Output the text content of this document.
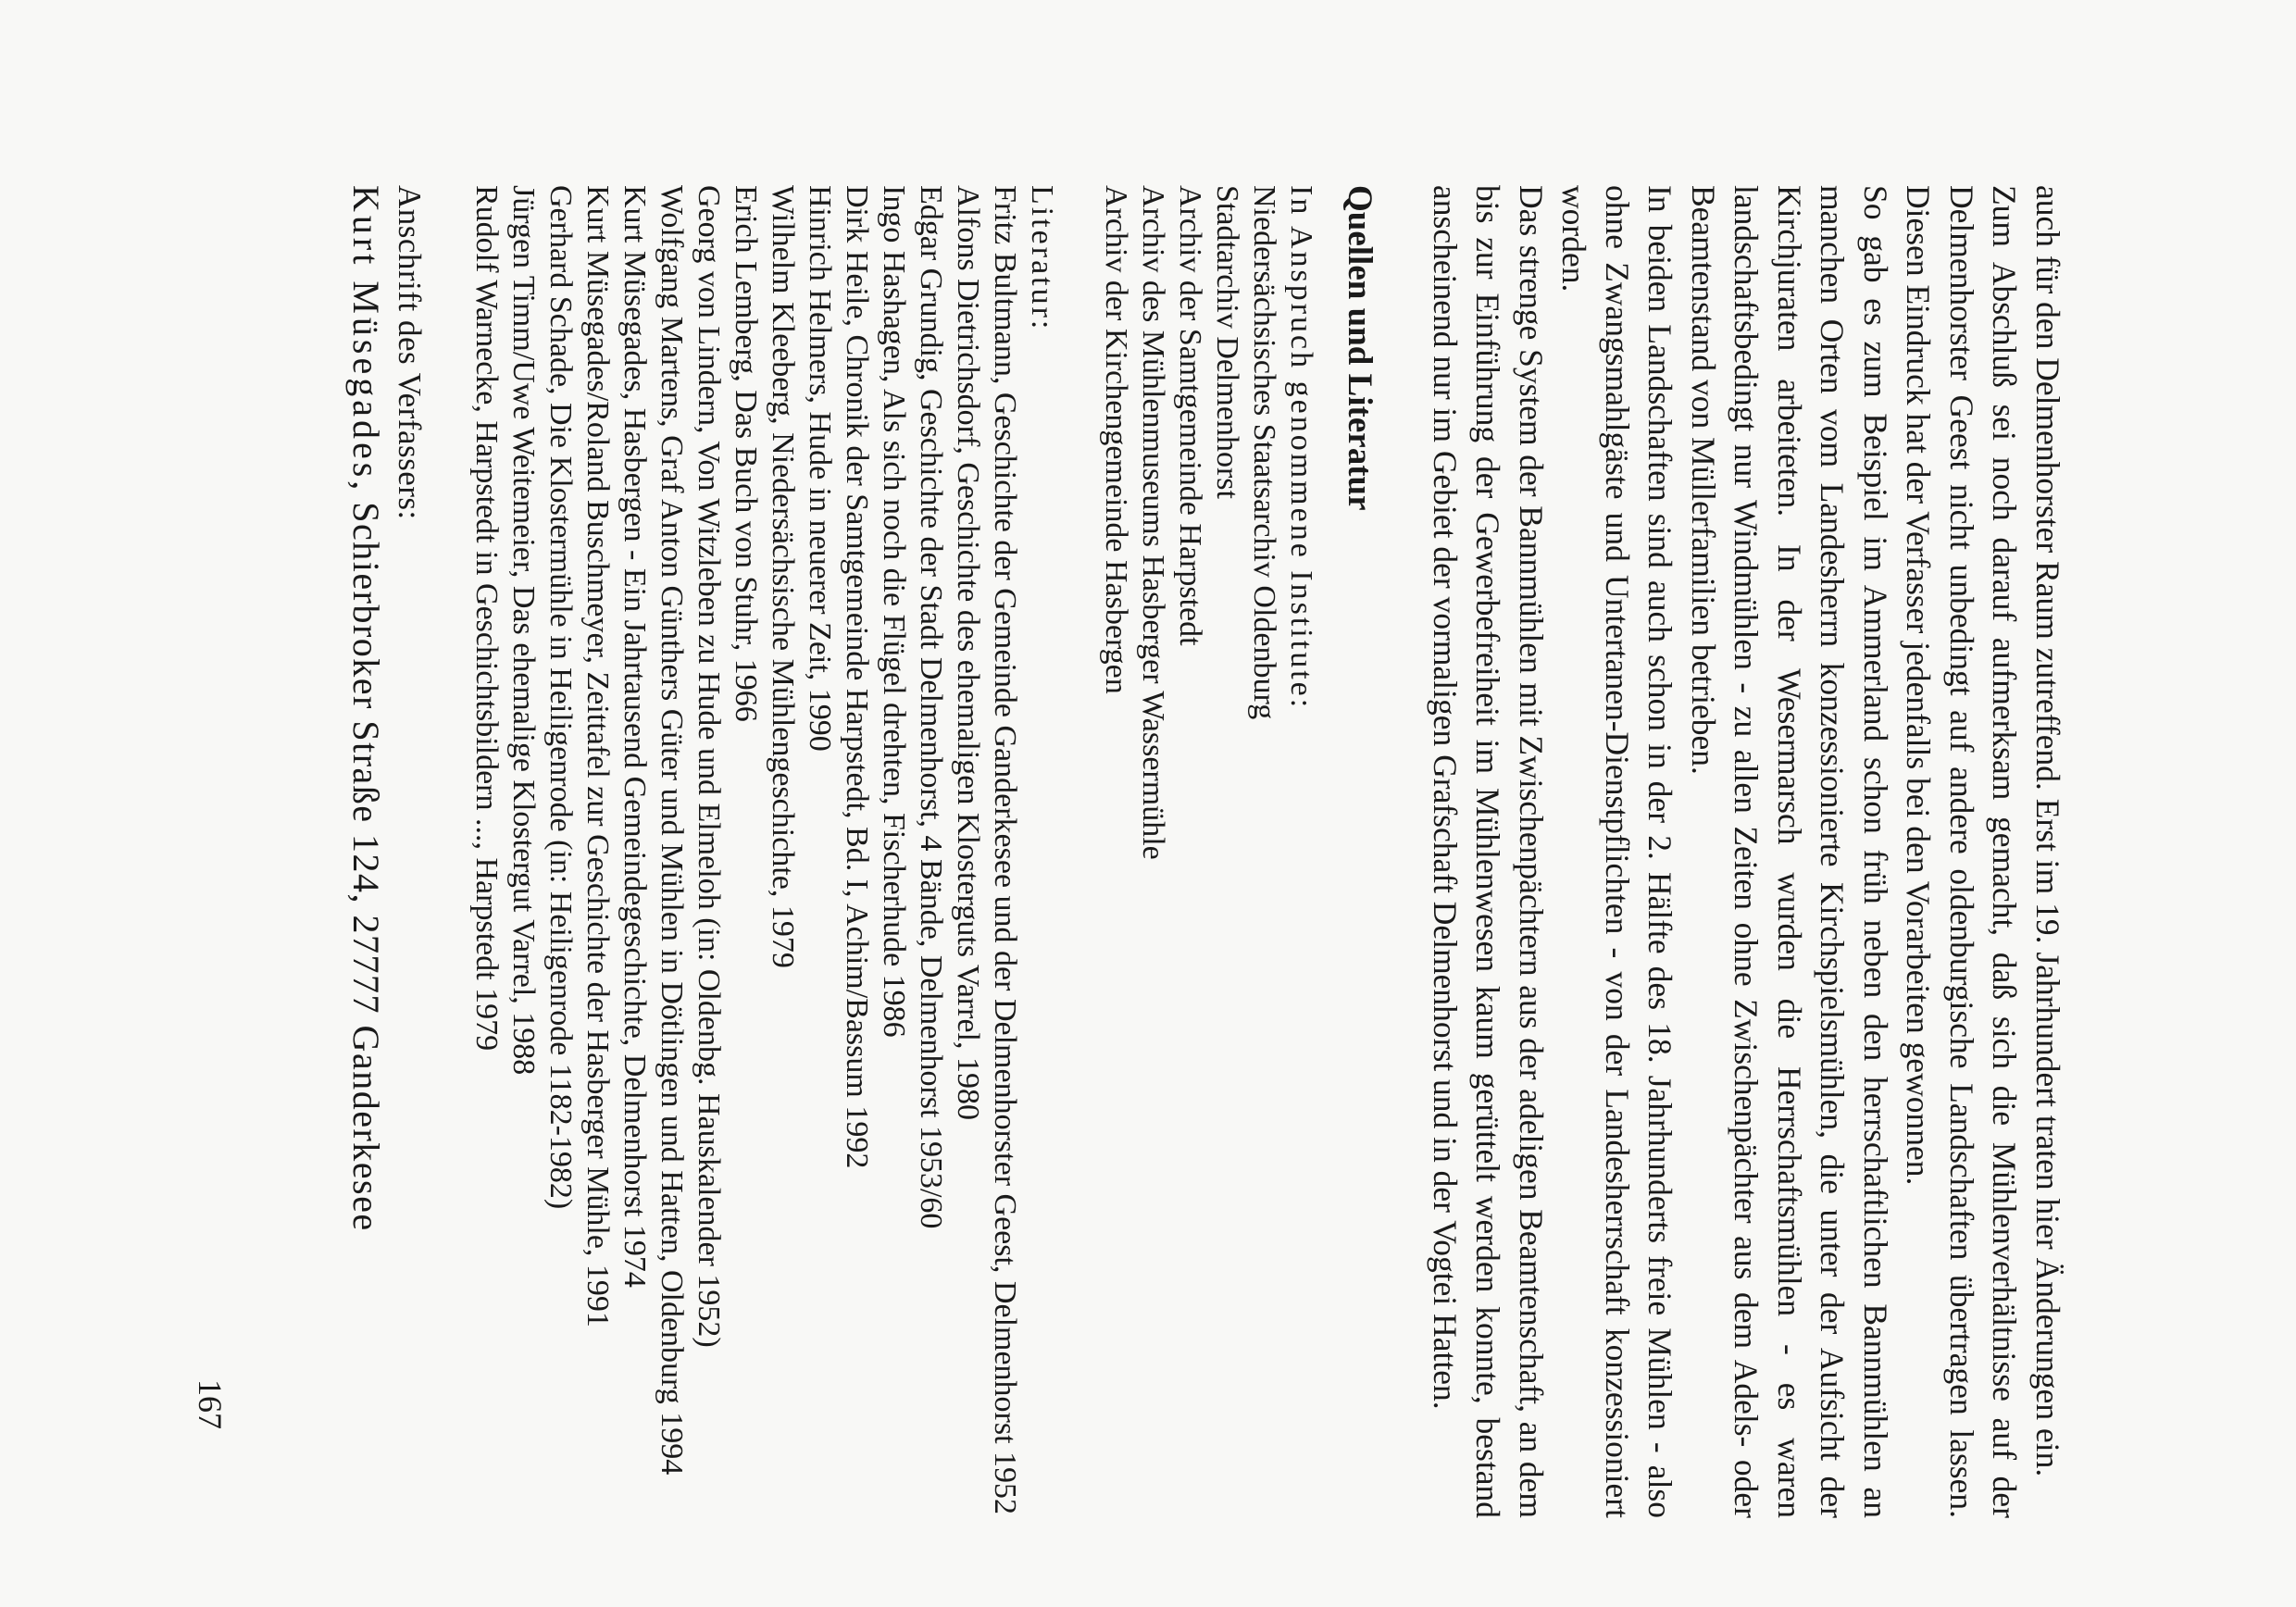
auch für den Delmenhorster Raum zutreffend. Erst im 19. Jahrhundert traten hier Änderungen ein.

Zum Abschluß sei noch darauf aufmerksam gemacht, daß sich die Mühlenverhältnisse auf der Delmenhorster Geest nicht unbedingt auf andere oldenburgische Landschaften übertragen lassen. Diesen Eindruck hat der Verfasser jedenfalls bei den Vorarbeiten gewonnen.

So gab es zum Beispiel im Ammerland schon früh neben den herrschaftlichen Bannmühlen an manchen Orten vom Landesherrn konzessionierte Kirchspielsmühlen, die unter der Aufsicht der Kirchjuraten arbeiteten. In der Wesermarsch wurden die Herrschaftsmühlen - es waren landschaftsbedingt nur Windmühlen - zu allen Zeiten ohne Zwischenpächter aus dem Adels- oder Beamtenstand von Müllerfamilien betrieben.

In beiden Landschaften sind auch schon in der 2. Hälfte des 18. Jahrhunderts freie Mühlen - also ohne Zwangsmahlgäste und Untertanen-Dienstpflichten - von der Landesherrschaft konzessioniert worden.

Das strenge System der Bannmühlen mit Zwischenpächtern aus der adeligen Beamtenschaft, an dem bis zur Einführung der Gewerbefreiheit im Mühlenwesen kaum gerüttelt werden konnte, bestand anscheinend nur im Gebiet der vormaligen Grafschaft Delmenhorst und in der Vogtei Hatten.

Quellen und Literatur

In Anspruch genommene Institute:

Niedersächsisches Staatsarchiv Oldenburg

Stadtarchiv Delmenhorst

Archiv der Samtgemeinde Harpstedt

Archiv des Mühlenmuseums Hasberger Wassermühle

Archiv der Kirchengemeinde Hasbergen

Literatur:

Fritz Bultmann, Geschichte der Gemeinde Ganderkesee und der Delmenhorster Geest, Delmenhorst 1952

Alfons Dietrichsdorf, Geschichte des ehemaligen Klosterguts Varrel, 1980

Edgar Grundig, Geschichte der Stadt Delmenhorst, 4 Bände, Delmenhorst 1953/60

Ingo Hashagen, Als sich noch die Flügel drehten, Fischerhude 1986

Dirk Heile, Chronik der Samtgemeinde Harpstedt, Bd. I, Achim/Bassum 1992

Hinrich Helmers, Hude in neuerer Zeit, 1990

Wilhelm Kleeberg, Niedersächsische Mühlengeschichte, 1979

Erich Lemberg, Das Buch von Stuhr, 1966

Georg von Lindern, Von Witzleben zu Hude und Elmeloh (in: Oldenbg. Hauskalender 1952)

Wolfgang Martens, Graf Anton Günthers Güter und Mühlen in Dötlingen und Hatten, Oldenburg 1994

Kurt Müsegades, Hasbergen - Ein Jahrtausend Gemeindegeschichte, Delmenhorst 1974

Kurt Müsegades/Roland Buschmeyer, Zeittafel zur Geschichte der Hasberger Mühle, 1991

Gerhard Schade, Die Klostermühle in Heiligenrode (in: Heiligenrode 1182-1982)

Jürgen Timm/Uwe Weitemeier, Das ehemalige Klostergut Varrel, 1988

Rudolf Warnecke, Harpstedt in Geschichtsbildern ..., Harpstedt 1979

Anschrift des Verfassers:

Kurt Müsegades, Schierbroker Straße 124, 27777 Ganderkesee

167
